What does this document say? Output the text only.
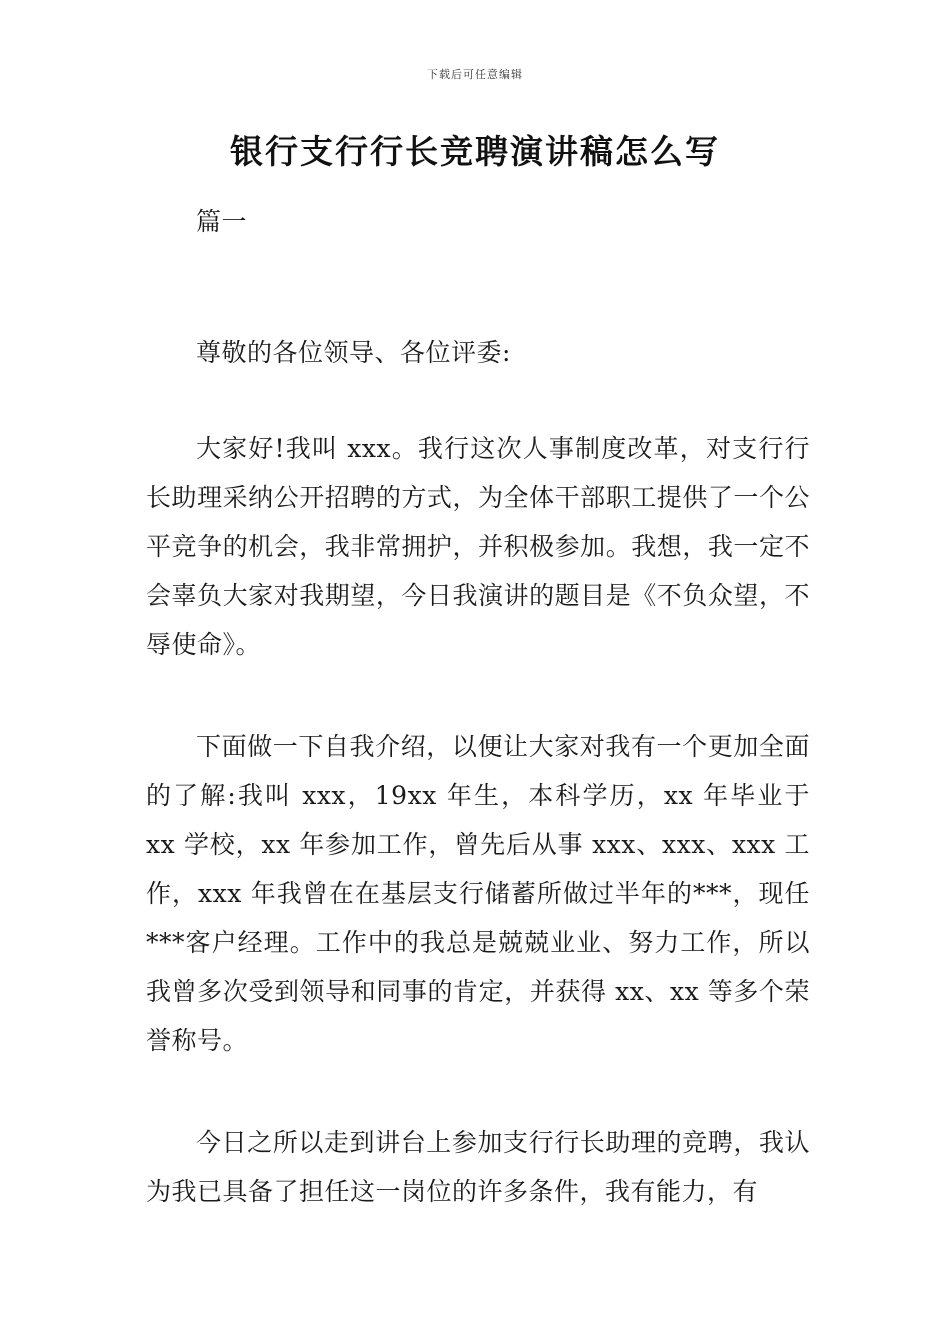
下载后可任意编辑
银行支行行长竞聘演讲稿怎么写
篇一
尊敬的各位领导、各位评委:
大家好!我叫 xxx。我行这次人事制度改革，对支行行长助理采纳公开招聘的方式，为全体干部职工提供了一个公平竞争的机会，我非常拥护，并积极参加。我想，我一定不会辜负大家对我期望，今日我演讲的题目是《不负众望，不辱使命》。
下面做一下自我介绍，以便让大家对我有一个更加全面的了解:我叫 xxx，19xx 年生，本科学历，xx 年毕业于 xx 学校，xx 年参加工作，曾先后从事 xxx、xxx、xxx 工作，xxx 年我曾在在基层支行储蓄所做过半年的***，现任***客户经理。工作中的我总是兢兢业业、努力工作，所以我曾多次受到领导和同事的肯定，并获得 xx、xx 等多个荣誉称号。
今日之所以走到讲台上参加支行行长助理的竞聘，我认为我已具备了担任这一岗位的许多条件，我有能力，有
